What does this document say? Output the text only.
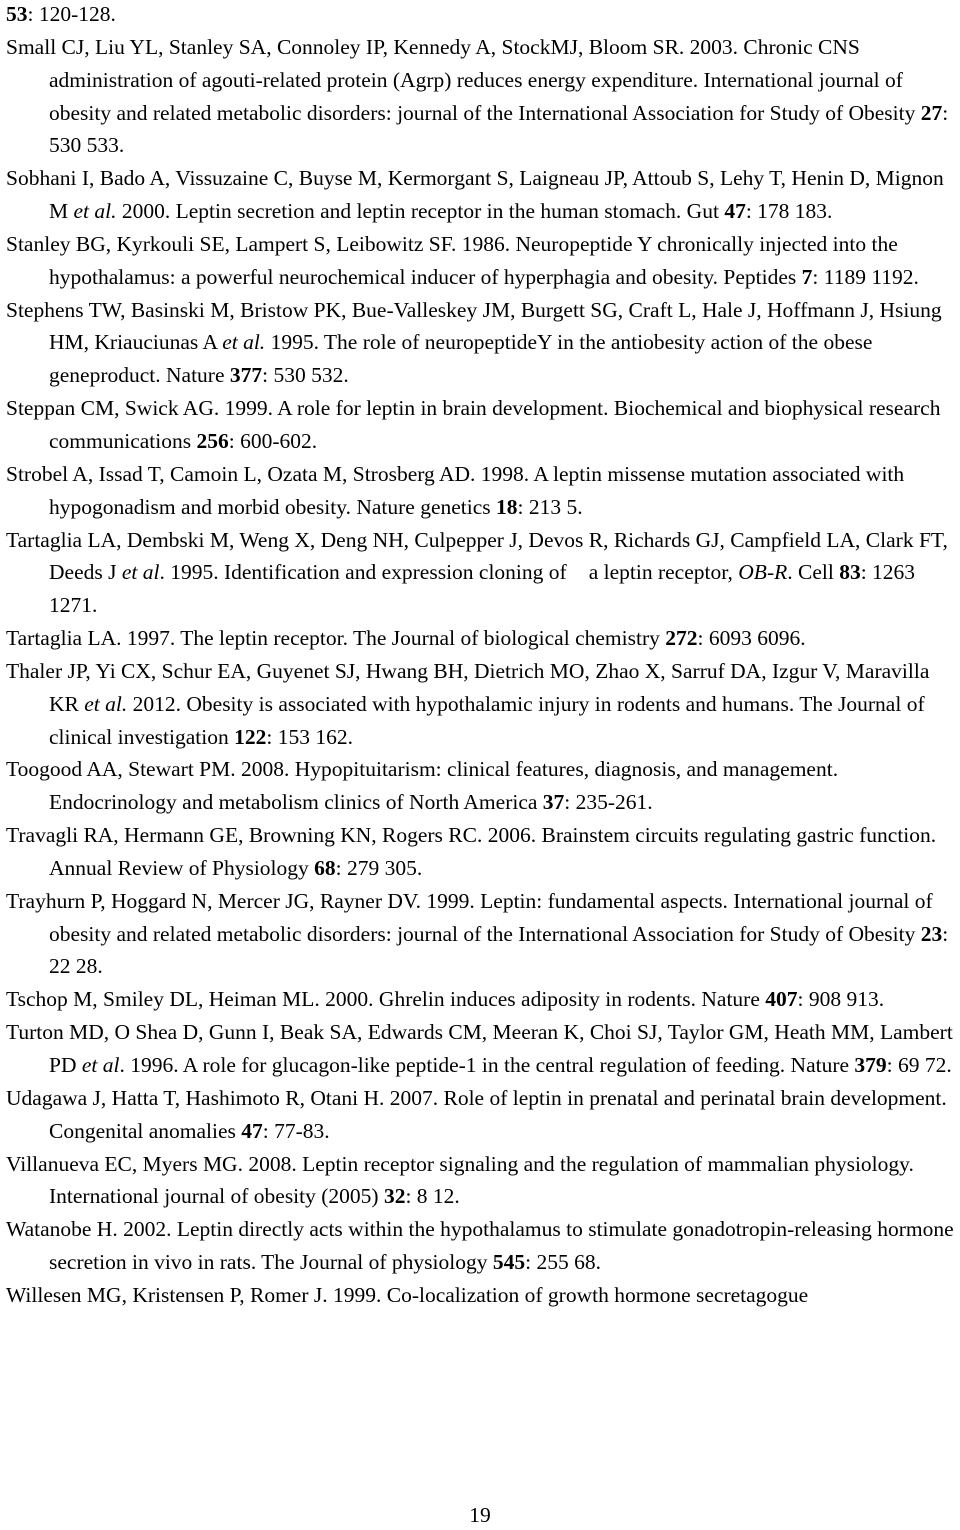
53: 120-128.

Small CJ, Liu YL, Stanley SA, Connoley IP, Kennedy A, StockMJ, Bloom SR. 2003. Chronic CNS administration of agouti-related protein (Agrp) reduces energy expenditure. International journal of obesity and related metabolic disorders: journal of the International Association for Study of Obesity 27: 530 533.

Sobhani I, Bado A, Vissuzaine C, Buyse M, Kermorgant S, Laigneau JP, Attoub S, Lehy T, Henin D, Mignon M et al. 2000. Leptin secretion and leptin receptor in the human stomach. Gut 47: 178 183.

Stanley BG, Kyrkouli SE, Lampert S, Leibowitz SF. 1986. Neuropeptide Y chronically injected into the hypothalamus: a powerful neurochemical inducer of hyperphagia and obesity. Peptides 7: 1189 1192.

Stephens TW, Basinski M, Bristow PK, Bue-Valleskey JM, Burgett SG, Craft L, Hale J, Hoffmann J, Hsiung HM, Kriauciunas A et al. 1995. The role of neuropeptideY in the antiobesity action of the obese geneproduct. Nature 377: 530 532.

Steppan CM, Swick AG. 1999. A role for leptin in brain development. Biochemical and biophysical research communications 256: 600-602.

Strobel A, Issad T, Camoin L, Ozata M, Strosberg AD. 1998. A leptin missense mutation associated with hypogonadism and morbid obesity. Nature genetics 18: 213 5.

Tartaglia LA, Dembski M, Weng X, Deng NH, Culpepper J, Devos R, Richards GJ, Campfield LA, Clark FT, Deeds J et al. 1995. Identification and expression cloning of a leptin receptor, OB-R. Cell 83: 1263 1271.

Tartaglia LA. 1997. The leptin receptor. The Journal of biological chemistry 272: 6093 6096.

Thaler JP, Yi CX, Schur EA, Guyenet SJ, Hwang BH, Dietrich MO, Zhao X, Sarruf DA, Izgur V, Maravilla KR et al. 2012. Obesity is associated with hypothalamic injury in rodents and humans. The Journal of clinical investigation 122: 153 162.

Toogood AA, Stewart PM. 2008. Hypopituitarism: clinical features, diagnosis, and management. Endocrinology and metabolism clinics of North America 37: 235-261.

Travagli RA, Hermann GE, Browning KN, Rogers RC. 2006. Brainstem circuits regulating gastric function. Annual Review of Physiology 68: 279 305.

Trayhurn P, Hoggard N, Mercer JG, Rayner DV. 1999. Leptin: fundamental aspects. International journal of obesity and related metabolic disorders: journal of the International Association for Study of Obesity 23: 22 28.

Tschop M, Smiley DL, Heiman ML. 2000. Ghrelin induces adiposity in rodents. Nature 407: 908 913.

Turton MD, O Shea D, Gunn I, Beak SA, Edwards CM, Meeran K, Choi SJ, Taylor GM, Heath MM, Lambert PD et al. 1996. A role for glucagon-like peptide-1 in the central regulation of feeding. Nature 379: 69 72.

Udagawa J, Hatta T, Hashimoto R, Otani H. 2007. Role of leptin in prenatal and perinatal brain development. Congenital anomalies 47: 77-83.

Villanueva EC, Myers MG. 2008. Leptin receptor signaling and the regulation of mammalian physiology. International journal of obesity (2005) 32: 8 12.

Watanobe H. 2002. Leptin directly acts within the hypothalamus to stimulate gonadotropin-releasing hormone secretion in vivo in rats. The Journal of physiology 545: 255 68.

Willesen MG, Kristensen P, Romer J. 1999. Co-localization of growth hormone secretagogue

19
